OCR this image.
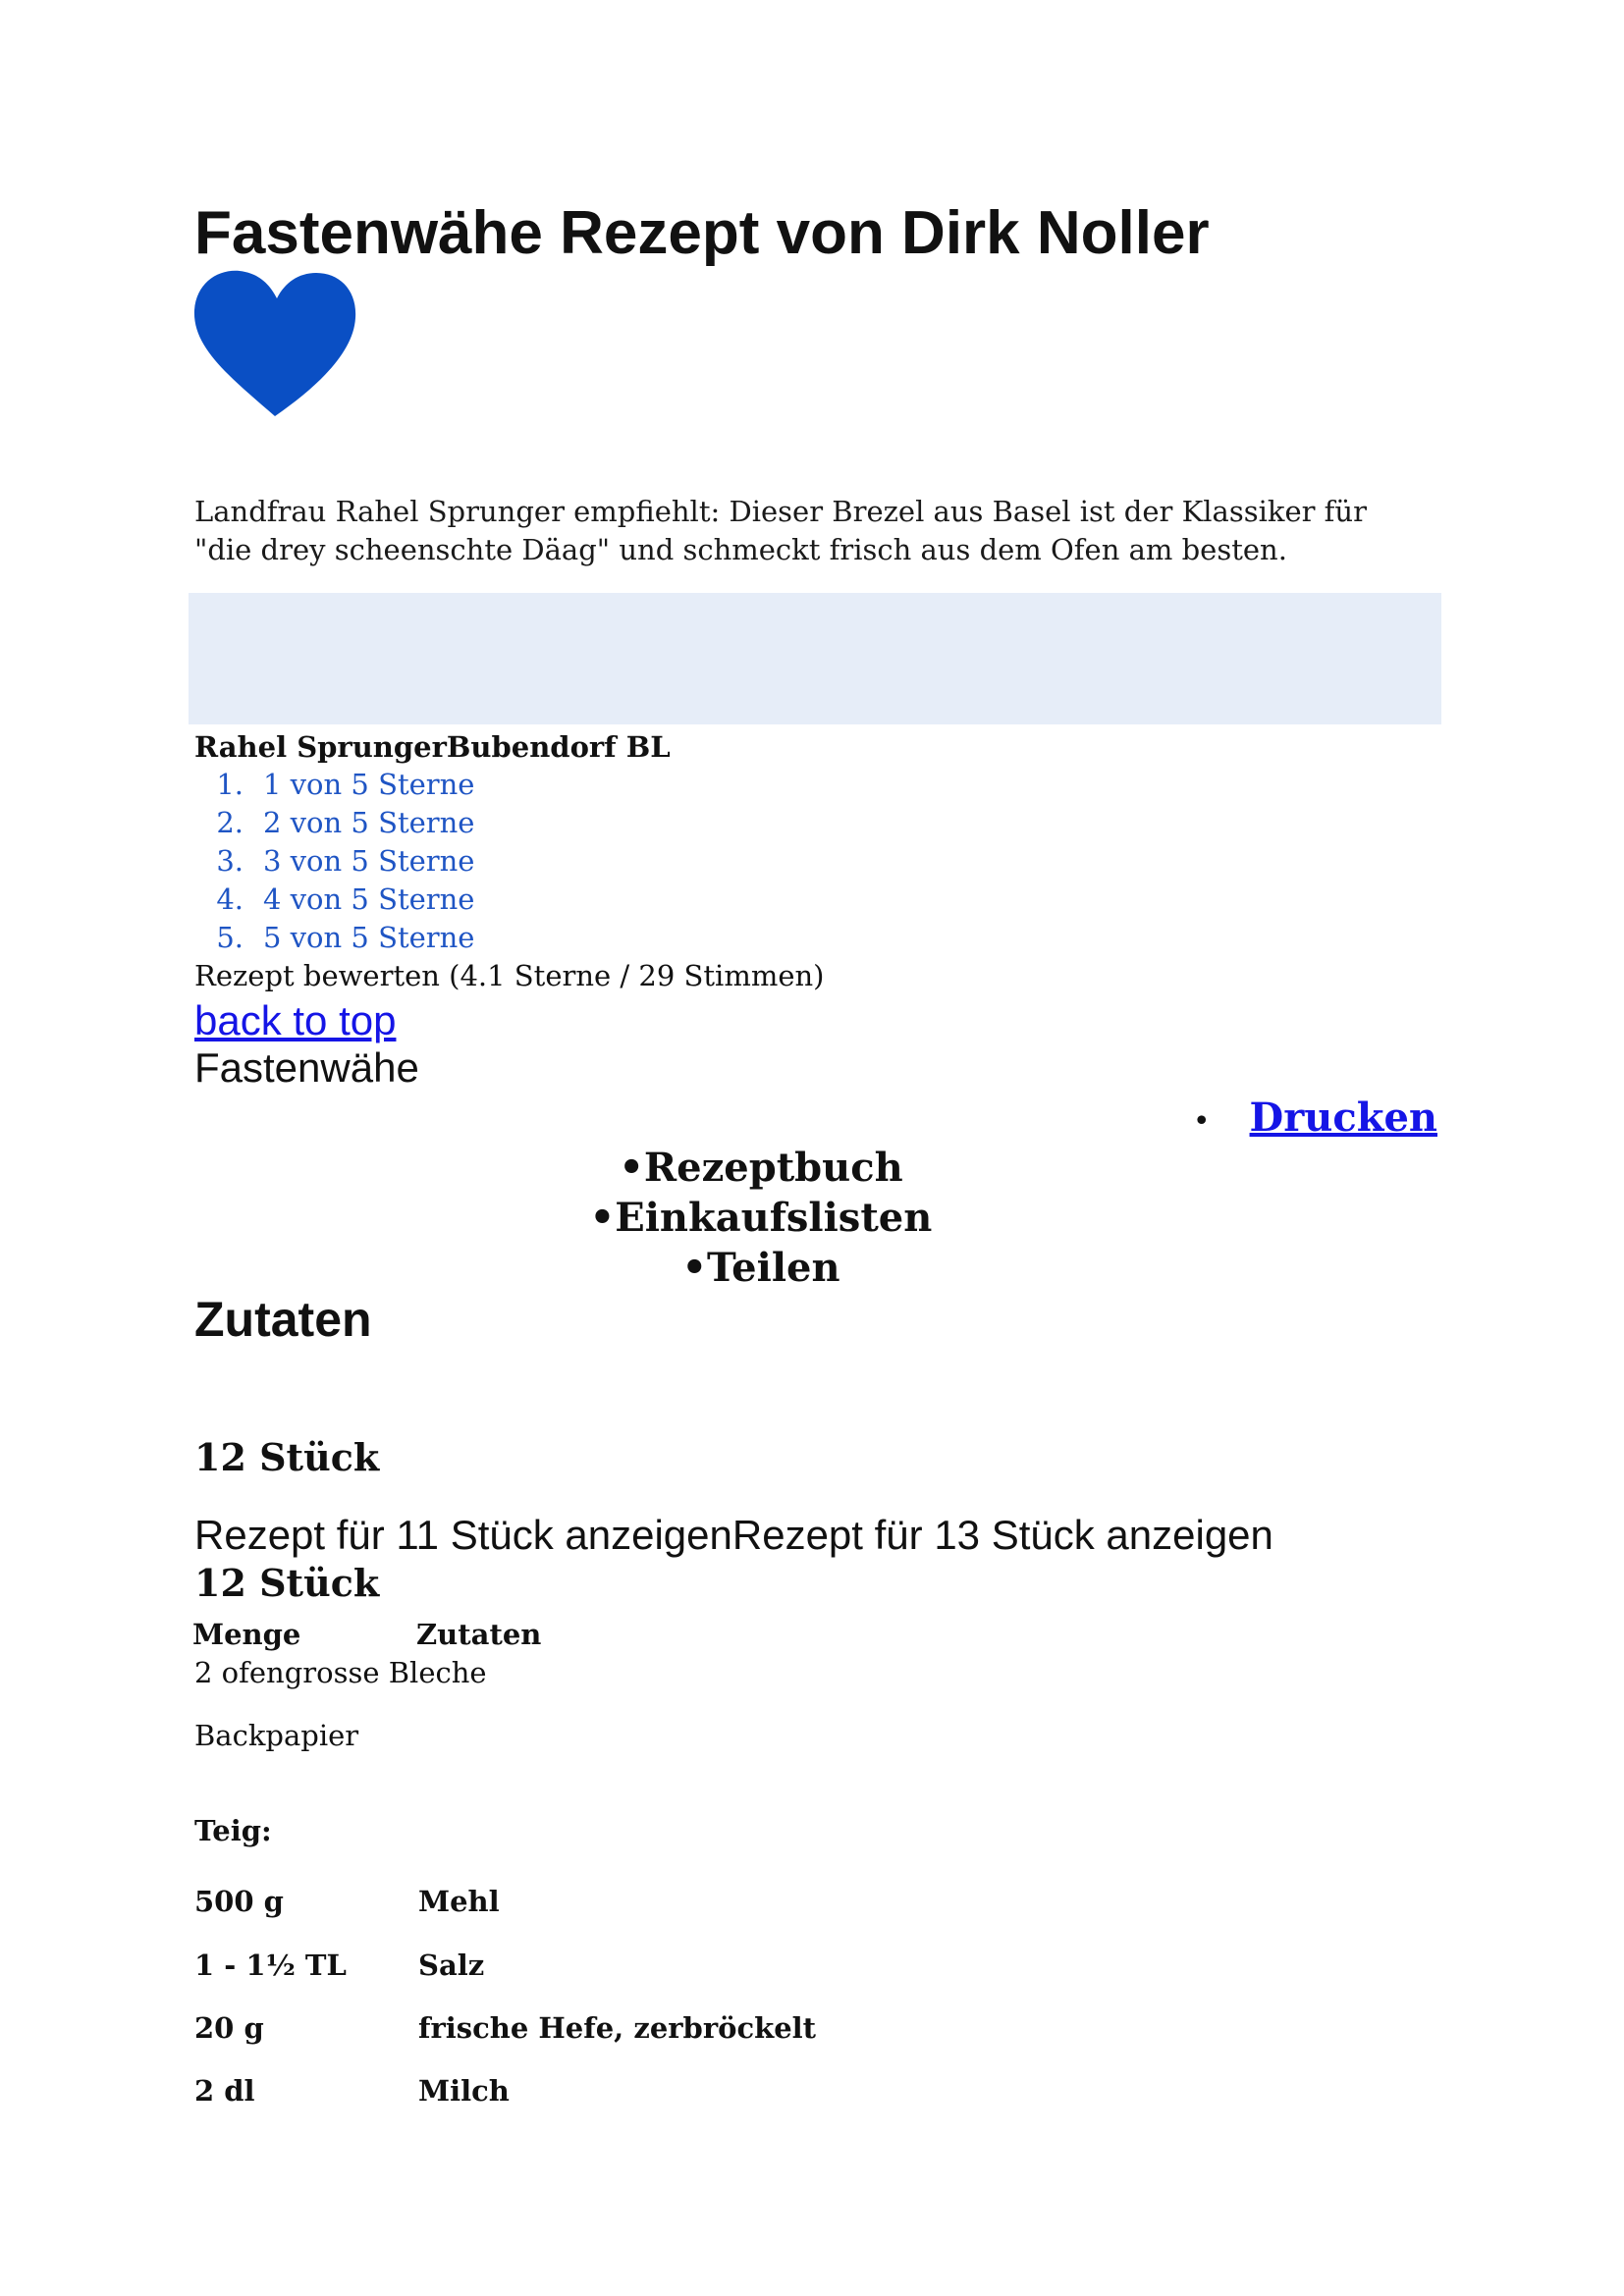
Fastenwähe Rezept von Dirk Noller
Landfrau Rahel Sprunger empfiehlt: Dieser Brezel aus Basel ist der Klassiker für "die drey scheenschte Däag" und schmeckt frisch aus dem Ofen am besten.
Rahel SprungerBubendorf BL
1. 1 von 5 Sterne
2. 2 von 5 Sterne
3. 3 von 5 Sterne
4. 4 von 5 Sterne
5. 5 von 5 Sterne
Rezept bewerten (4.1 Sterne / 29 Stimmen)
back to top
Fastenwähe
• Drucken
•Rezeptbuch
•Einkaufslisten
•Teilen
Zutaten
12 Stück
Rezept für 11 Stück anzeigenRezept für 13 Stück anzeigen
12 Stück
Menge	Zutaten
2 ofengrosse Bleche
Backpapier
Teig:
500 g	Mehl
1 - 1½ TL	Salz
20 g	frische Hefe, zerbröckelt
2 dl	Milch
